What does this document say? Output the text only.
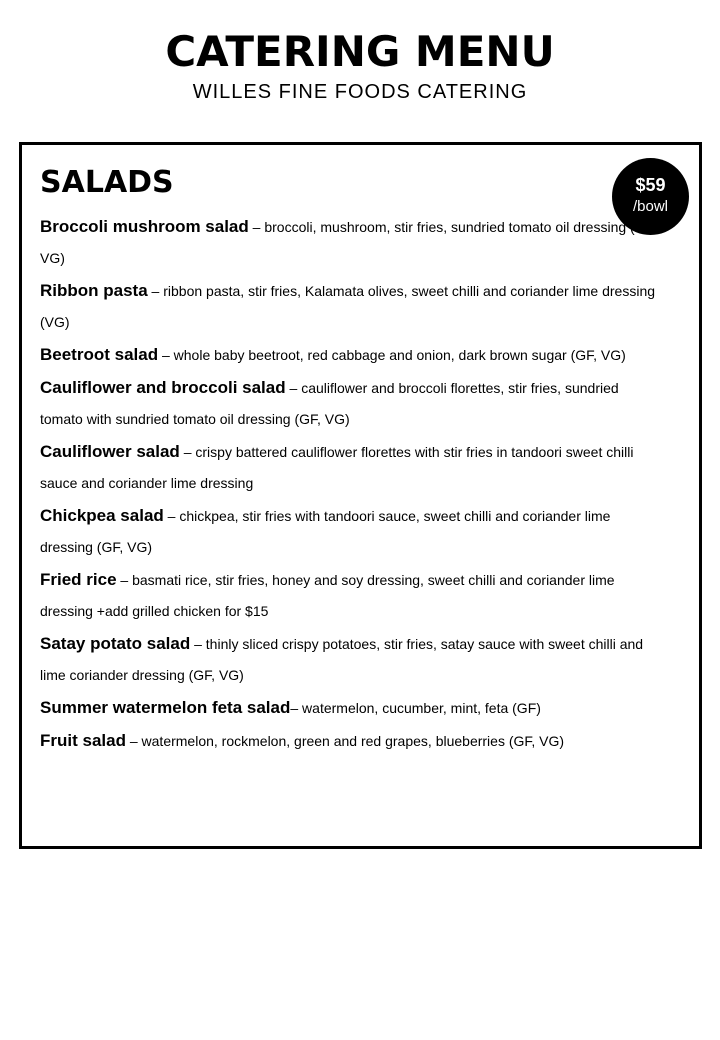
CATERING MENU
WILLES FINE FOODS CATERING
SALADS	$59
/bowl
Broccoli mushroom salad – broccoli, mushroom, stir fries, sundried tomato oil dressing (GF, VG)
Ribbon pasta – ribbon pasta, stir fries, Kalamata olives, sweet chilli and coriander lime dressing (VG)
Beetroot salad – whole baby beetroot, red cabbage and onion, dark brown sugar (GF, VG)
Cauliflower and broccoli salad – cauliflower and broccoli florettes, stir fries, sundried tomato with sundried tomato oil dressing (GF, VG)
Cauliflower salad – crispy battered cauliflower florettes with stir fries in tandoori sweet chilli sauce and coriander lime dressing
Chickpea salad – chickpea, stir fries with tandoori sauce, sweet chilli and coriander lime dressing (GF, VG)
Fried rice – basmati rice, stir fries, honey and soy dressing, sweet chilli and coriander lime dressing +add grilled chicken for $15
Satay potato salad – thinly sliced crispy potatoes, stir fries, satay sauce with sweet chilli and lime coriander dressing (GF, VG)
Summer watermelon feta salad– watermelon, cucumber, mint, feta (GF)
Fruit salad – watermelon, rockmelon, green and red grapes, blueberries (GF, VG)
